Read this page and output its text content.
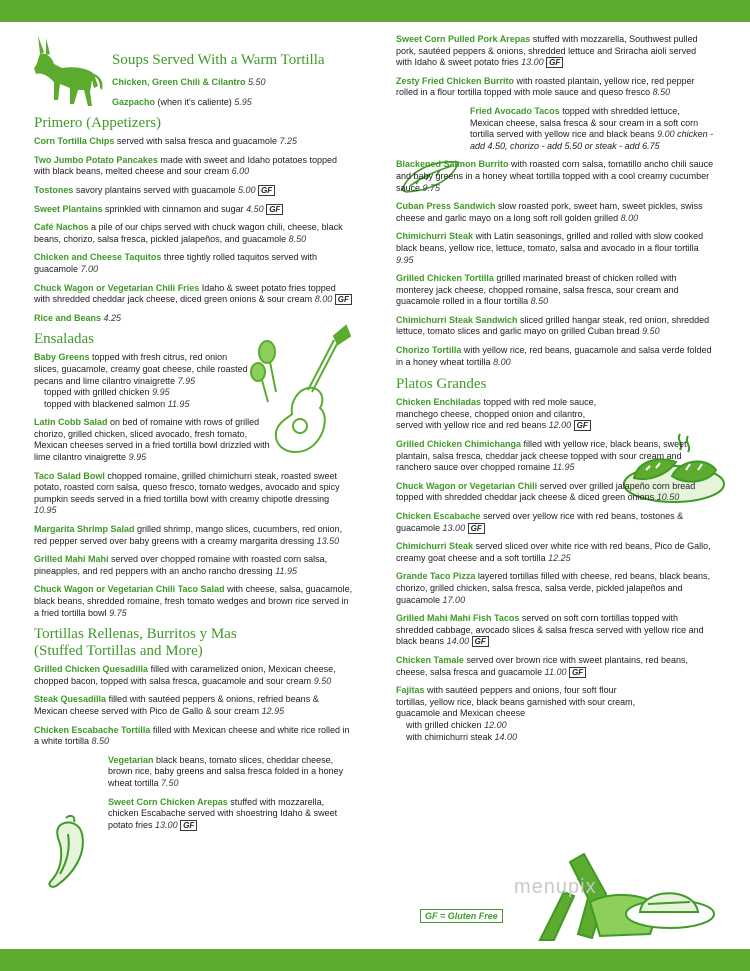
menupix
Soups Served With a Warm Tortilla
Chicken, Green Chili & Cilantro 5.50
Gazpacho (when it's caliente) 5.95
Primero (Appetizers)
Corn Tortilla Chips served with salsa fresca and guacamole 7.25
Two Jumbo Potato Pancakes made with sweet and Idaho potatoes topped with black beans, melted cheese and sour cream 6.00
Tostones savory plantains served with guacamole 5.00 GF
Sweet Plantains sprinkled with cinnamon and sugar 4.50 GF
Café Nachos a pile of our chips served with chuck wagon chili, cheese, black beans, chorizo, salsa fresca, pickled jalapeños, and guacamole 8.50
Chicken and Cheese Taquitos three tightly rolled taquitos served with guacamole 7.00
Chuck Wagon or Vegetarian Chili Fries Idaho & sweet potato fries topped with shredded cheddar jack cheese, diced green onions & sour cream 8.00 GF
Rice and Beans 4.25
Ensaladas
Baby Greens topped with fresh citrus, red onion slices, guacamole, creamy goat cheese, chile roasted pecans and lime cilantro vinaigrette 7.95
topped with grilled chicken 9.95
topped with blackened salmon 11.95
Latin Cobb Salad on bed of romaine with rows of grilled chorizo, grilled chicken, sliced avocado, fresh tomato, Mexican cheeses served in a fried tortilla bowl drizzled with lime cilantro vinaigrette 9.95
Taco Salad Bowl chopped romaine, grilled chimichurri steak, roasted sweet potato, roasted corn salsa, queso fresco, tomato wedges, avocado and spicy pumpkin seeds served in a fried tortilla bowl with creamy chipotle dressing 10.95
Margarita Shrimp Salad grilled shrimp, mango slices, cucumbers, red onion, red pepper served over baby greens with a creamy margarita dressing 13.50
Grilled Mahi Mahi served over chopped romaine with roasted corn salsa, pineapples, and red peppers with an ancho rancho dressing 11.95
Chuck Wagon or Vegetarian Chili Taco Salad with cheese, salsa, guacamole, black beans, shredded romaine, fresh tomato wedges and brown rice served in a fried tortilla bowl 9.75
Tortillas Rellenas, Burritos y Mas
(Stuffed Tortillas and More)
Grilled Chicken Quesadilla filled with caramelized onion, Mexican cheese, chopped bacon, topped with salsa fresca, guacamole and sour cream 9.50
Steak Quesadilla filled with sautéed peppers & onions, refried beans & Mexican cheese served with Pico de Gallo & sour cream 12.95
Chicken Escabache Tortilla filled with Mexican cheese and white rice rolled in a white tortilla 8.50
Vegetarian black beans, tomato slices, cheddar cheese, brown rice, baby greens and salsa fresca folded in a honey wheat tortilla 7.50
Sweet Corn Chicken Arepas stuffed with mozzarella, chicken Escabache served with shoestring Idaho & sweet potato fries 13.00 GF
Sweet Corn Pulled Pork Arepas stuffed with mozzarella, Southwest pulled pork, sautéed peppers & onions, shredded lettuce and Sriracha aioli served with Idaho & sweet potato fries 13.00 GF
Zesty Fried Chicken Burrito with roasted plantain, yellow rice, red pepper rolled in a flour tortilla topped with mole sauce and queso fresco 8.50
Fried Avocado Tacos topped with shredded lettuce, Mexican cheese, salsa fresca & sour cream in a soft corn tortilla served with yellow rice and black beans 9.00 chicken - add 4.50, chorizo - add 5.50 or steak - add 6.75
Blackened Salmon Burrito with roasted corn salsa, tomatillo ancho chili sauce and baby greens in a honey wheat tortilla topped with a cool creamy cucumber sauce 9.75
Cuban Press Sandwich slow roasted pork, sweet ham, sweet pickles, swiss cheese and garlic mayo on a long soft roll golden grilled 8.00
Chimichurri Steak with Latin seasonings, grilled and rolled with slow cooked black beans, yellow rice, lettuce, tomato, salsa and avocado in a flour tortilla 9.95
Grilled Chicken Tortilla grilled marinated breast of chicken rolled with monterey jack cheese, chopped romaine, salsa fresca, sour cream and guacamole rolled in a flour tortilla 8.50
Chimichurri Steak Sandwich sliced grilled hangar steak, red onion, shredded lettuce, tomato slices and garlic mayo on grilled Cuban bread 9.50
Chorizo Tortilla with yellow rice, red beans, guacamole and salsa verde folded in a honey wheat tortilla 8.00
Platos Grandes
Chicken Enchiladas topped with red mole sauce, manchego cheese, chopped onion and cilantro, served with yellow rice and red beans 12.00 GF
Grilled Chicken Chimichanga filled with yellow rice, black beans, sweet plantain, salsa fresca, cheddar jack cheese topped with sour cream and ranchero sauce over chopped romaine 11.95
Chuck Wagon or Vegetarian Chili served over grilled jalapeño corn bread topped with shredded cheddar jack cheese & diced green onions 10.50
Chicken Escabache served over yellow rice with red beans, tostones & guacamole 13.00 GF
Chimichurri Steak served sliced over white rice with red beans, Pico de Gallo, creamy goat cheese and a soft tortilla 12.25
Grande Taco Pizza layered tortillas filled with cheese, red beans, black beans, chorizo, grilled chicken, salsa fresca, salsa verde, pickled jalapeños and guacamole 17.00
Grilled Mahi Mahi Fish Tacos served on soft corn tortillas topped with shredded cabbage, avocado slices & salsa fresca served with yellow rice and black beans 14.00 GF
Chicken Tamale served over brown rice with sweet plantains, red beans, cheese, salsa fresca and guacamole 11.00 GF
Fajitas with sautéed peppers and onions, four soft flour tortillas, yellow rice, black beans garnished with sour cream, guacamole and Mexican cheese
with grilled chicken 12.00
with chimichurri steak 14.00
GF = Gluten Free
